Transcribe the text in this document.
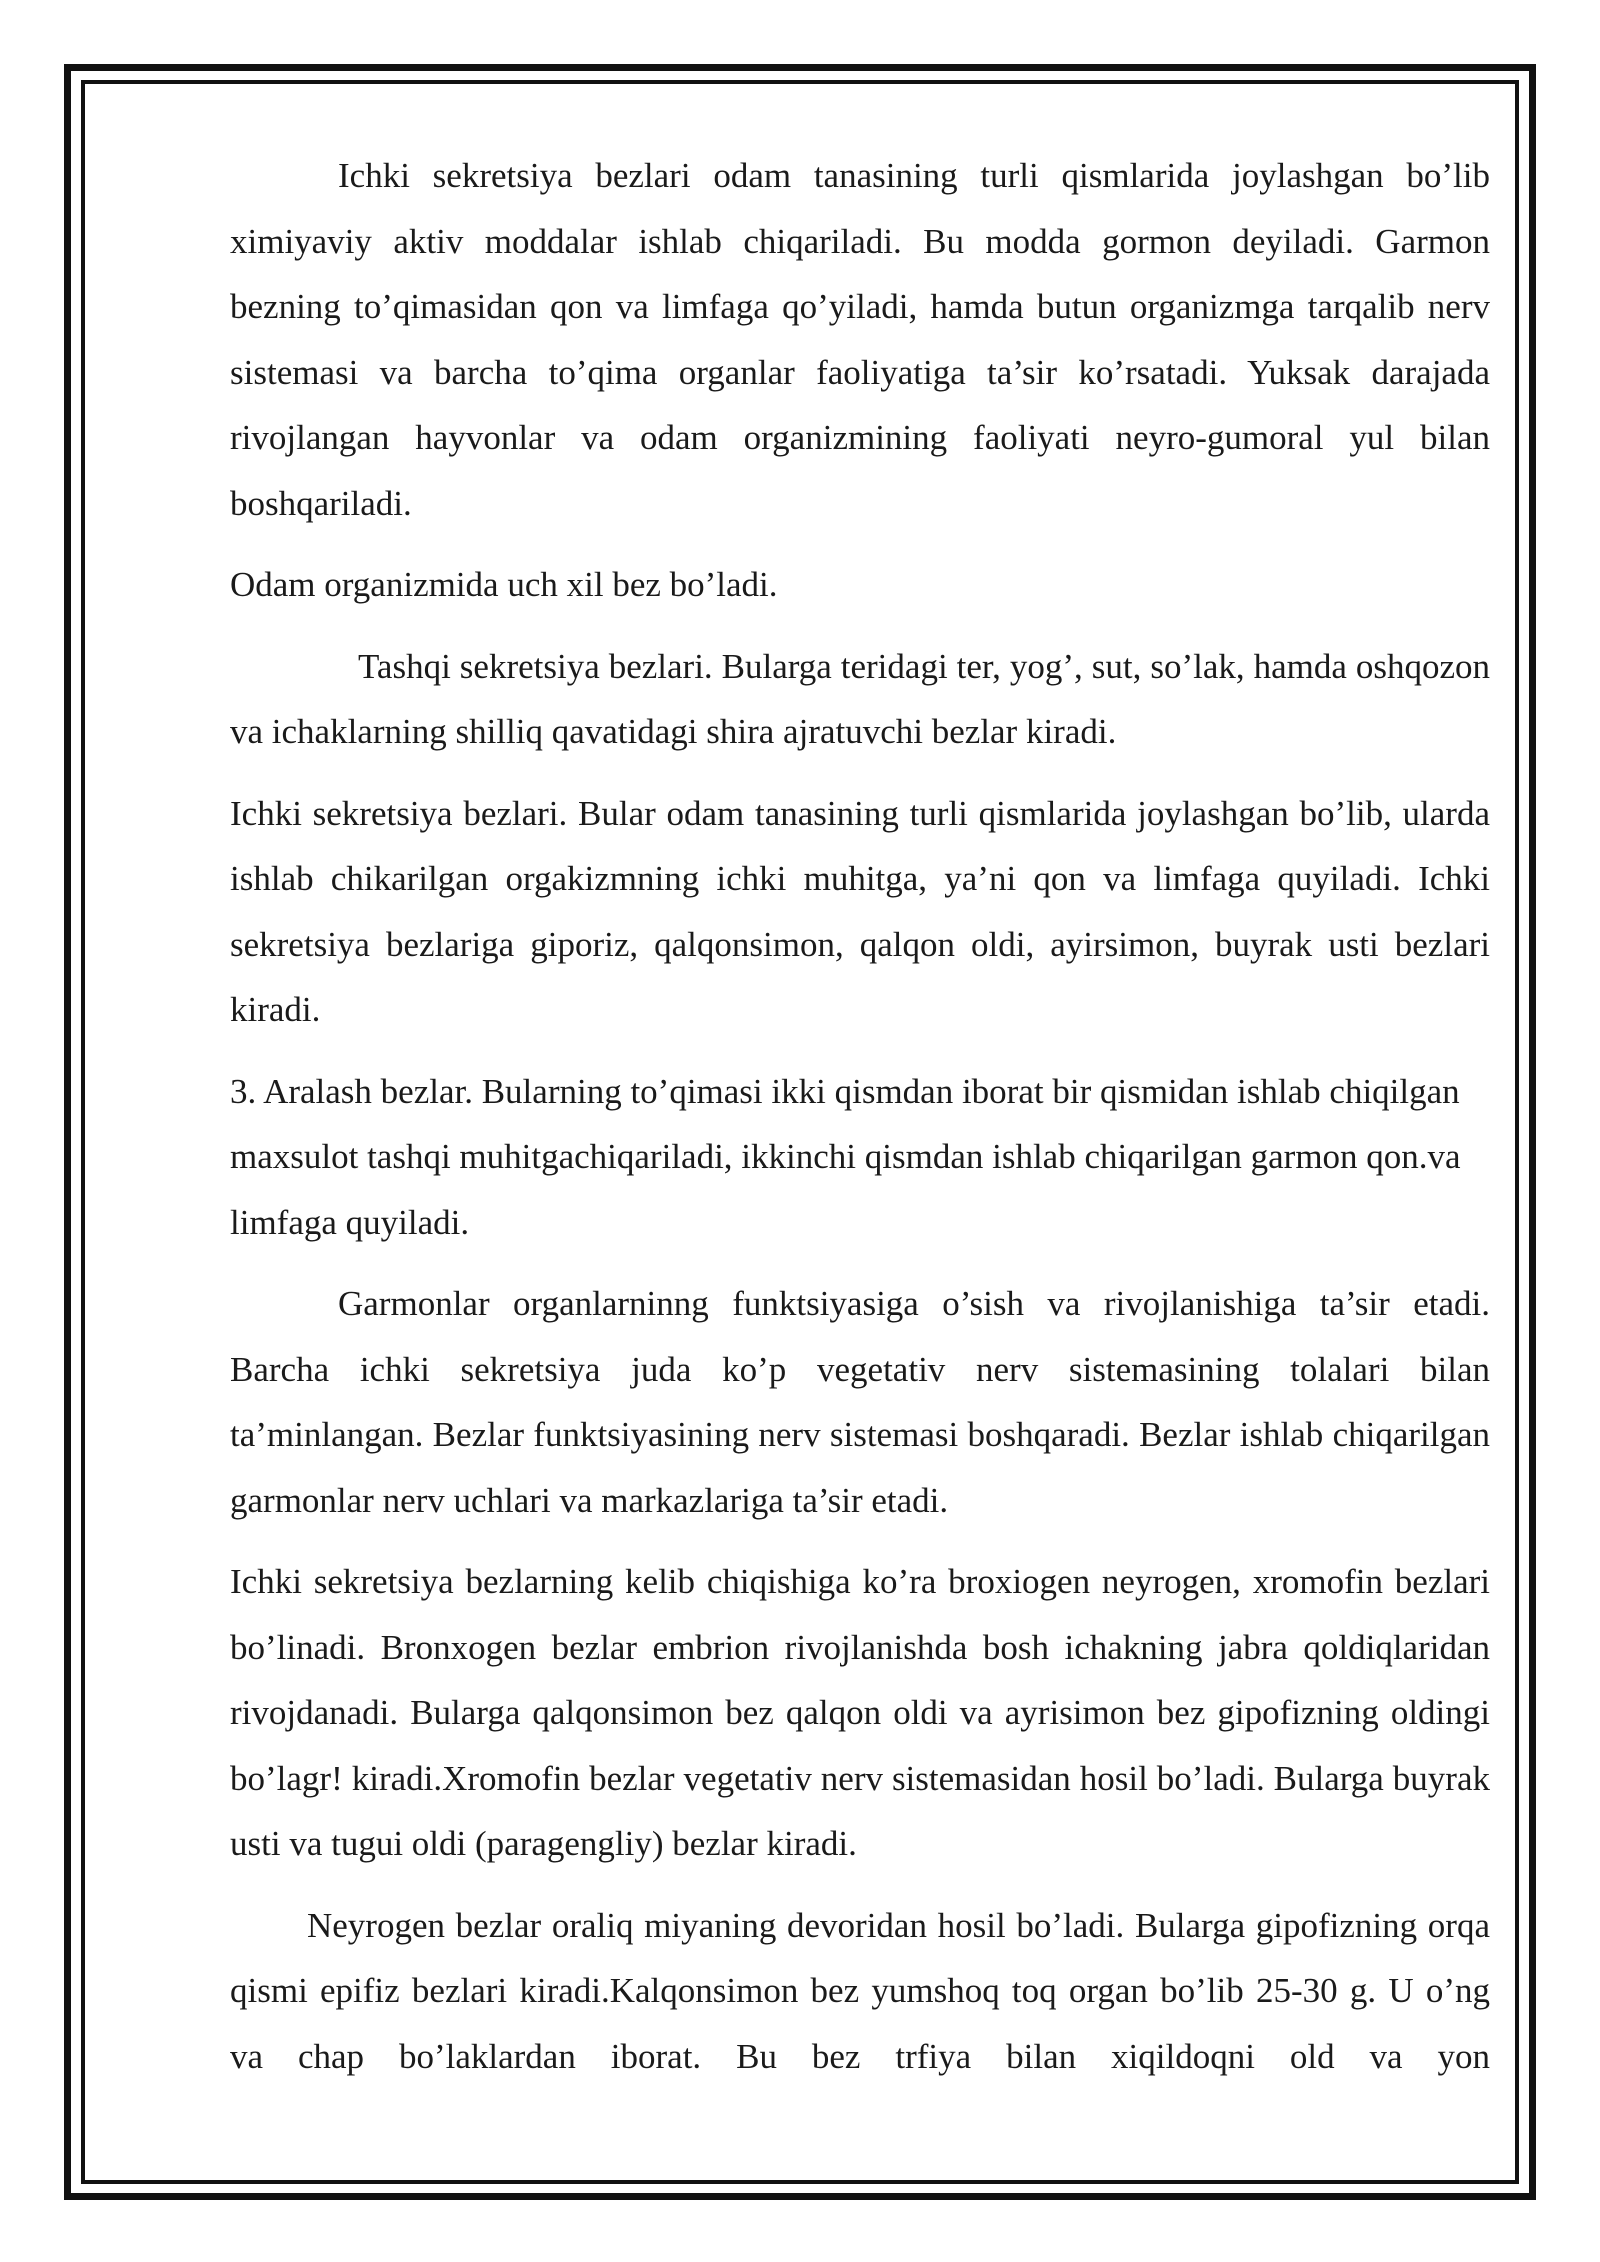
Ichki sekretsiya bezlari odam tanasining turli qismlarida joylashgan bo’lib ximiyaviy aktiv moddalar ishlab chiqariladi. Bu modda gormon deyiladi. Garmon bezning to’qimasidan qon va limfaga qo’yiladi, hamda butun organizmga tarqalib nerv sistemasi va barcha to’qima organlar faoliyatiga ta’sir ko’rsatadi. Yuksak darajada rivojlangan hayvonlar va odam organizmining faoliyati neyro-gumoral yul bilan boshqariladi.

Odam organizmida uch xil bez bo’ladi.

Tashqi sekretsiya bezlari. Bularga teridagi ter, yog’, sut, so’lak, hamda oshqozon va ichaklarning shilliq qavatidagi shira ajratuvchi bezlar kiradi.

Ichki sekretsiya bezlari. Bular odam tanasining turli qismlarida joylashgan bo’lib, ularda ishlab chikarilgan orgakizmning ichki muhitga, ya’ni qon va limfaga quyiladi. Ichki sekretsiya bezlariga giporiz, qalqonsimon, qalqon oldi, ayirsimon, buyrak usti bezlari kiradi.

3. Aralash bezlar. Bularning to’qimasi ikki qismdan iborat bir qismidan ishlab chiqilgan maxsulot tashqi muhitgachiqariladi, ikkinchi qismdan ishlab chiqarilgan garmon qon.va limfaga quyiladi.

Garmonlar organlarninng funktsiyasiga o’sish va rivojlanishiga ta’sir etadi. Barcha ichki sekretsiya juda ko’p vegetativ nerv sistemasining tolalari bilan ta’minlangan. Bezlar funktsiyasining nerv sistemasi boshqaradi. Bezlar ishlab chiqarilgan garmonlar nerv uchlari va markazlariga ta’sir etadi.

Ichki sekretsiya bezlarning kelib chiqishiga ko’ra broxiogen neyrogen, xromofin bezlari bo’linadi. Bronxogen bezlar embrion rivojlanishda bosh ichakning jabra qoldiqlaridan rivojdanadi. Bularga qalqonsimon bez qalqon oldi va ayrisimon bez gipofizning oldingi bo’lagr! kiradi.Xromofin bezlar vegetativ nerv sistemasidan hosil bo’ladi. Bularga buyrak usti va tugui oldi (paragengliy) bezlar kiradi.

Neyrogen bezlar oraliq miyaning devoridan hosil bo’ladi. Bularga gipofizning orqa qismi epifiz bezlari kiradi.Kalqonsimon bez yumshoq toq organ bo’lib 25-30 g. U o’ng va chap bo’laklardan iborat. Bu bez trfiya bilan xiqildoqni old va yon
